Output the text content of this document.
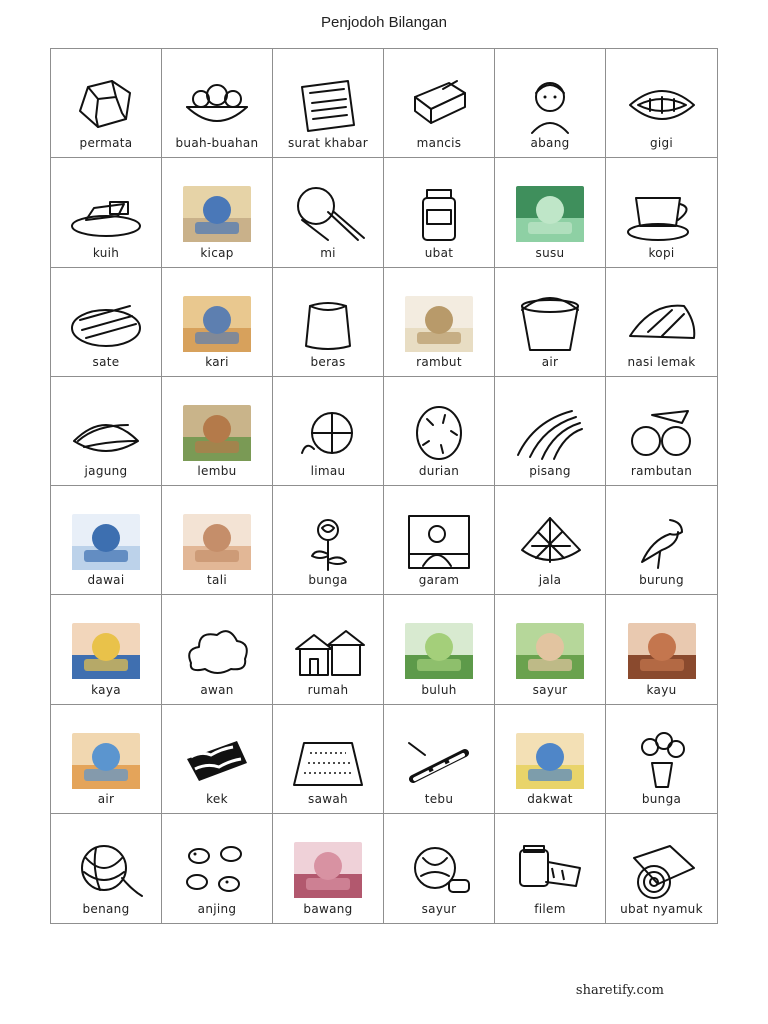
Penjodoh Bilangan
permata	buah-buahan	surat khabar	mancis	abang	gigi
kuih	kicap	mi	ubat	susu	kopi
sate	kari	beras	rambut	air	nasi lemak
jagung	lembu	limau	durian	pisang	rambutan
dawai	tali	bunga	garam	jala	burung
kaya	awan	rumah	buluh	sayur	kayu
air	kek	sawah	tebu	dakwat	bunga
benang	anjing	bawang	sayur	filem	ubat nyamuk
sharetify.com
